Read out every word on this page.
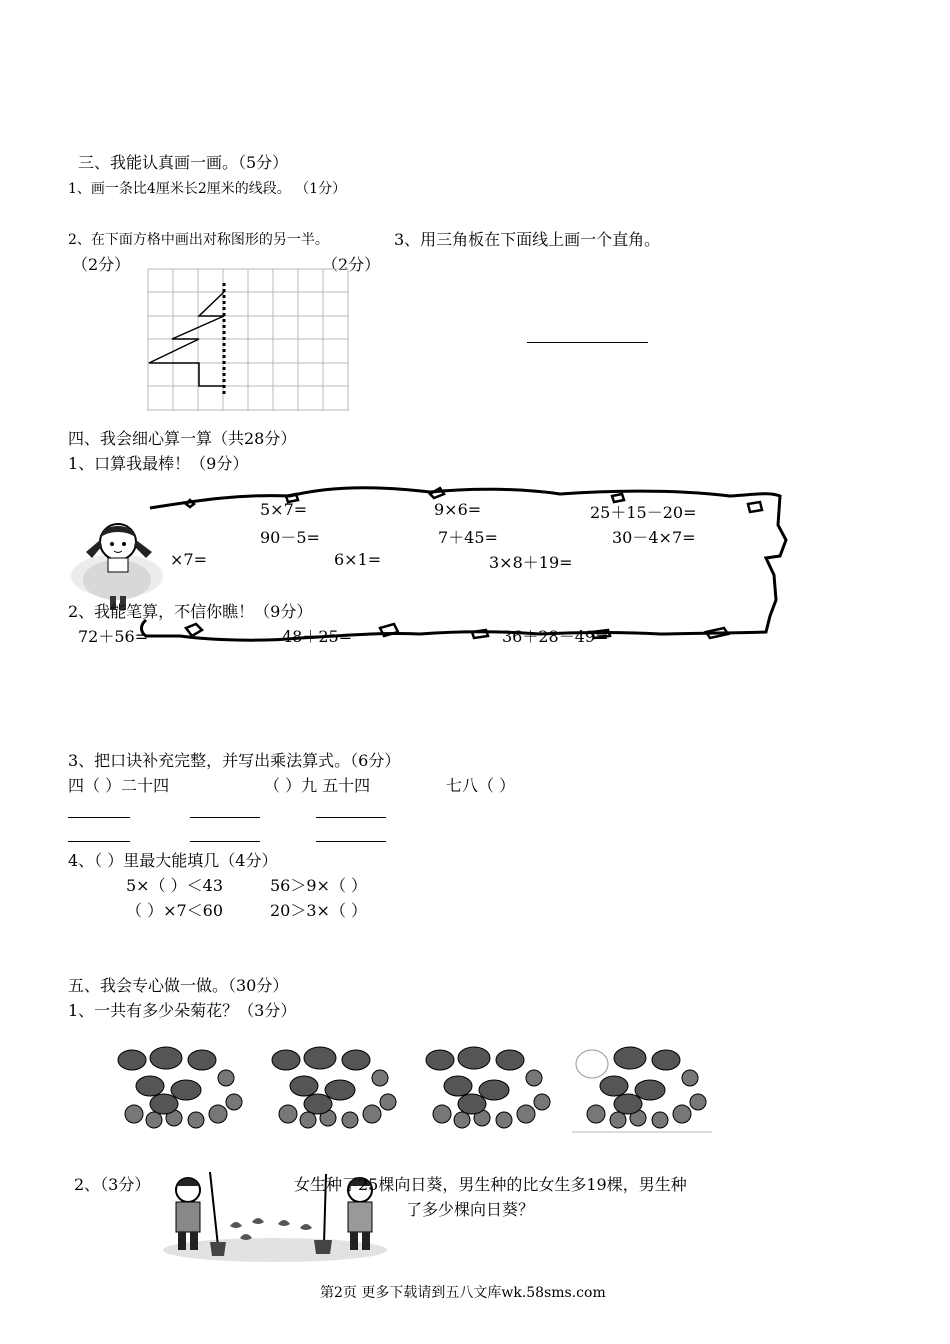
三、我能认真画一画。（5分）
1、画一条比4厘米长2厘米的线段。 （1分）
2、在下面方格中画出对称图形的另一半。	3、用三角板在下面线上画一个直角。
（2分）	（2分）
四、我会细心算一算（共28分）
1、口算我最棒！（9分）
5×7=	9×6=	25＋15－20=
90－5=	7＋45=	30－4×7=
×7=	6×1=	3×8＋19=
2、我能笔算，不信你瞧！（9分）
72＋56=	48＋25=	36＋28－49=
3、把口诀补充完整，并写出乘法算式。（6分）
四（ ）二十四	（ ）九 五十四	七八（ ）
4、（ ）里最大能填几（4分）
5×（ ）＜43	56＞9×（ ）
（ ）×7＜60	20＞3×（ ）
五、我会专心做一做。（30分）
1、一共有多少朵菊花？（3分）
2、（3分）	女生种了25棵向日葵，男生种的比女生多19棵，男生种
了多少棵向日葵？
第2页 更多下载请到五八文库wk.58sms.com
